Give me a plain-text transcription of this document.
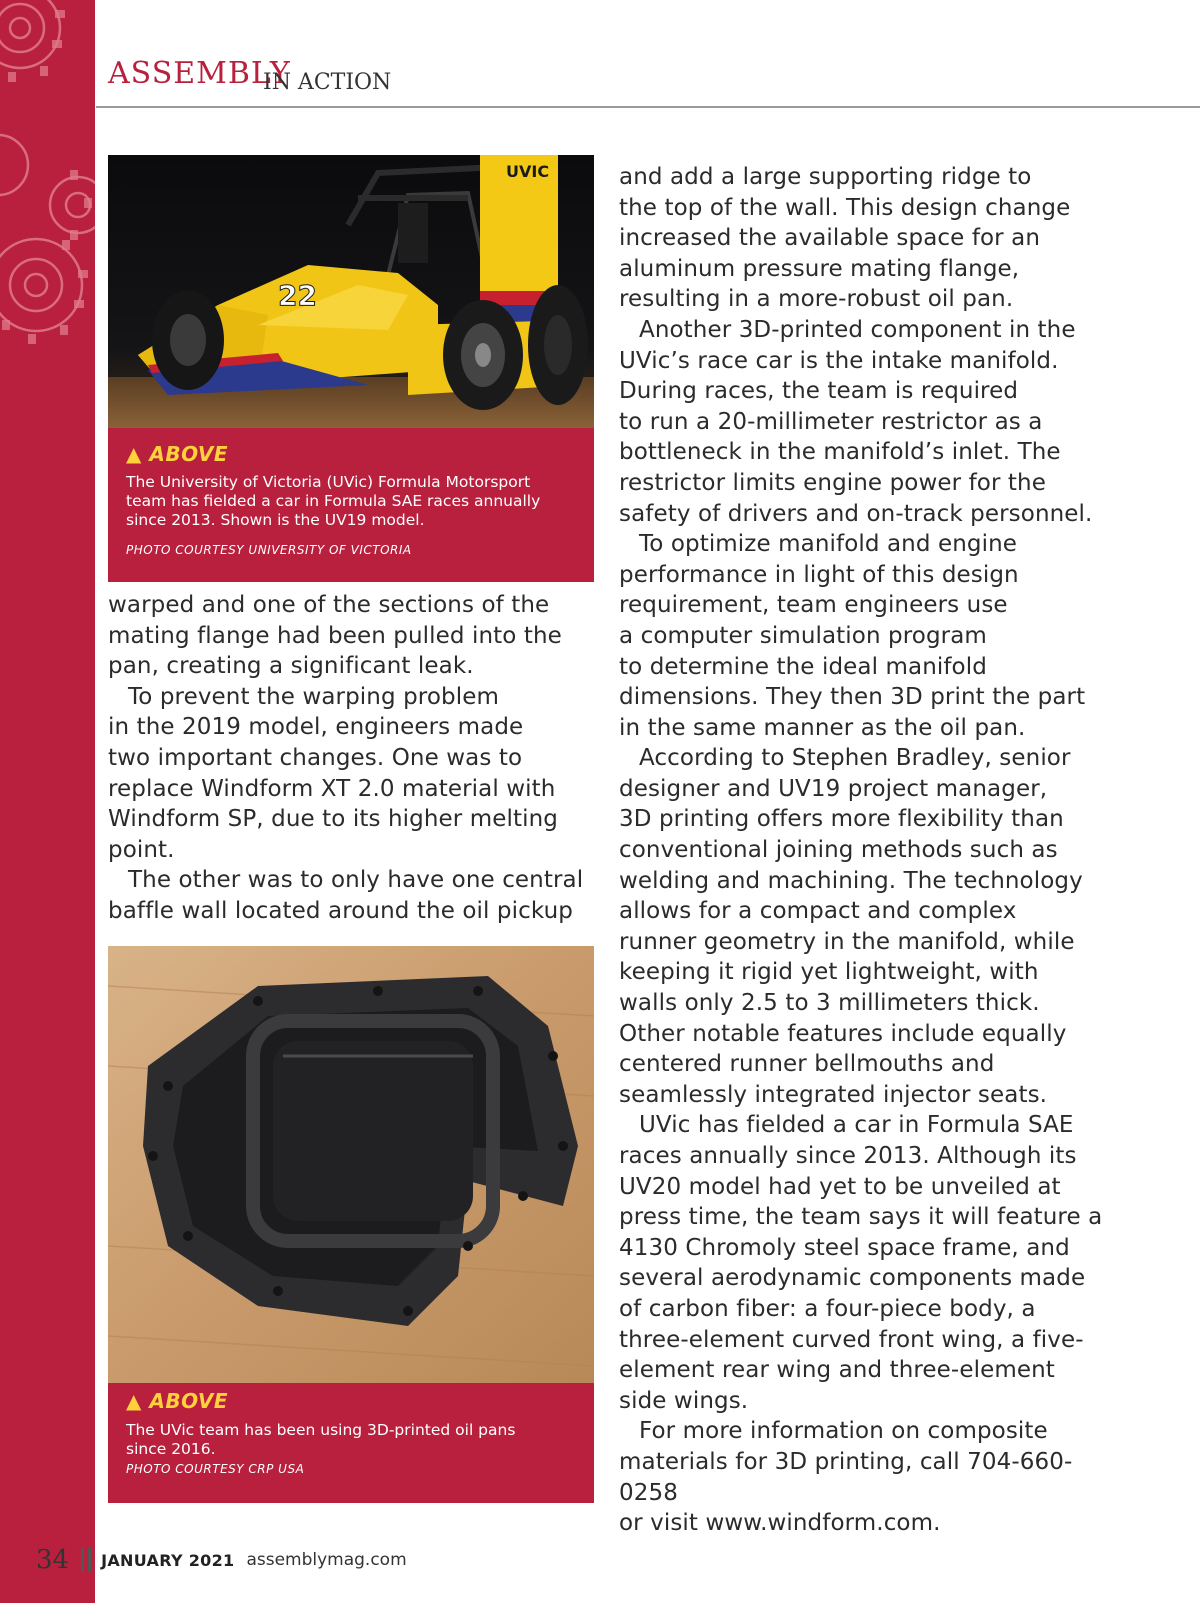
ASSEMBLY
IN ACTION
UVIC
22
▲ ABOVE
The University of Victoria (UVic) Formula Motorsport team has fielded a car in Formula SAE races annually since 2013. Shown is the UV19 model.
PHOTO COURTESY UNIVERSITY OF VICTORIA
▲ ABOVE
The UVic team has been using 3D-printed oil pans since 2016.
PHOTO COURTESY CRP USA

warped and one of the sections of the
mating flange had been pulled into the
pan, creating a significant leak.

To prevent the warping problem
in the 2019 model, engineers made
two important changes. One was to
replace Windform XT 2.0 material with
Windform SP, due to its higher melting
point.

The other was to only have one central
baffle wall located around the oil pickup

and add a large supporting ridge to
the top of the wall. This design change
increased the available space for an
aluminum pressure mating flange,
resulting in a more-robust oil pan.

Another 3D-printed component in the
UVic’s race car is the intake manifold.
During races, the team is required
to run a 20-millimeter restrictor as a
bottleneck in the manifold’s inlet. The
restrictor limits engine power for the
safety of drivers and on-track personnel.

To optimize manifold and engine
performance in light of this design
requirement, team engineers use
a computer simulation program
to determine the ideal manifold
dimensions. They then 3D print the part
in the same manner as the oil pan.

According to Stephen Bradley, senior
designer and UV19 project manager,
3D printing offers more flexibility than
conventional joining methods such as
welding and machining. The technology
allows for a compact and complex
runner geometry in the manifold, while
keeping it rigid yet lightweight, with
walls only 2.5 to 3 millimeters thick.
Other notable features include equally
centered runner bellmouths and
seamlessly integrated injector seats.

UVic has fielded a car in Formula SAE
races annually since 2013. Although its
UV20 model had yet to be unveiled at
press time, the team says it will feature a
4130 Chromoly steel space frame, and
several aerodynamic components made
of carbon fiber: a four-piece body, a
three-element curved front wing, a five-
element rear wing and three-element
side wings.

For more information on composite
materials for 3D printing, call 704-660-0258
or visit www.windform.com.

34 JANUARY 2021 assemblymag.com
